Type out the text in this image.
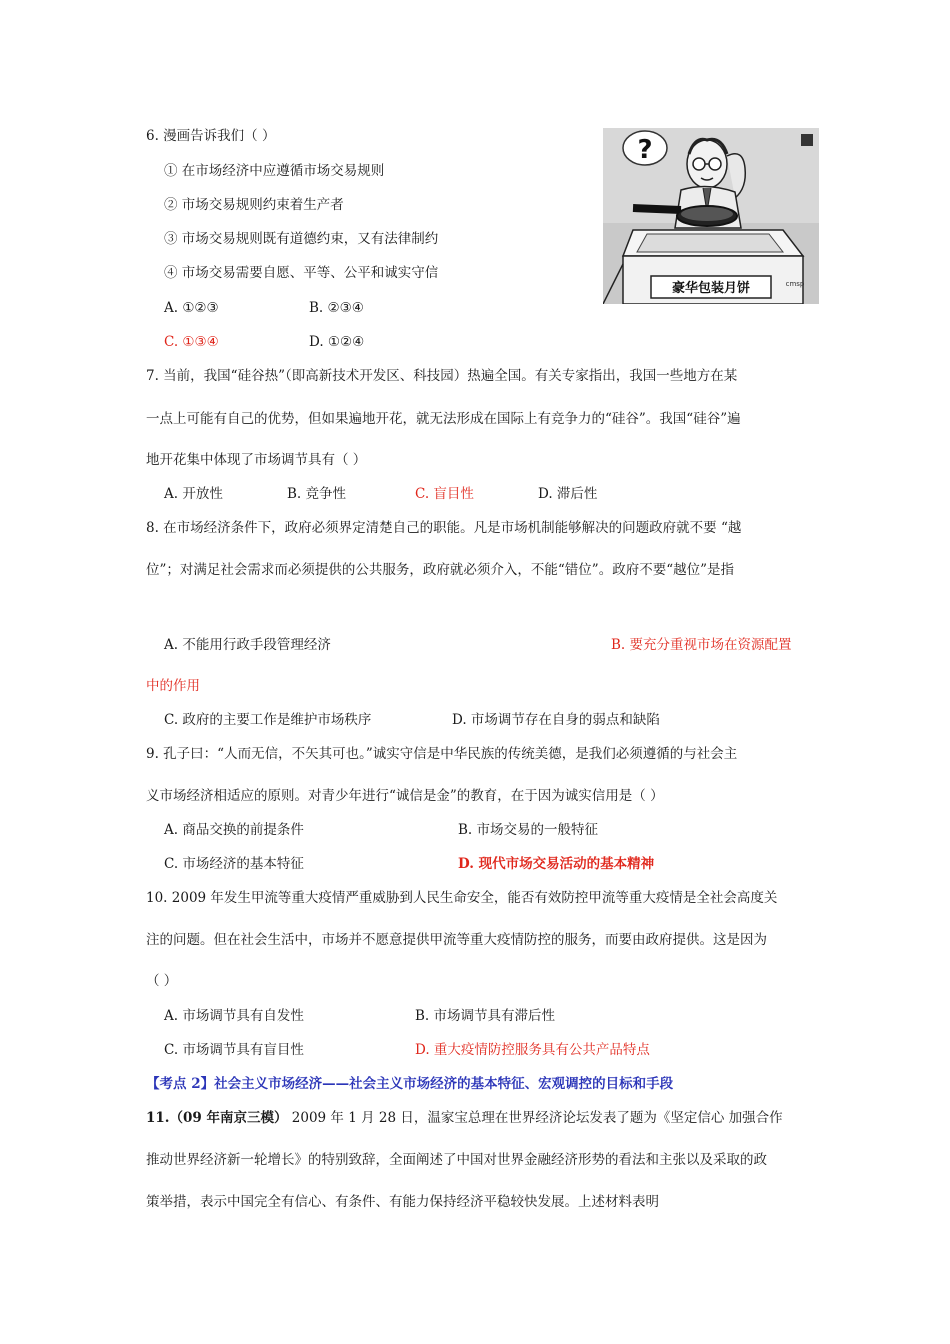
6. 漫画告诉我们（ ）
① 在市场经济中应遵循市场交易规则
② 市场交易规则约束着生产者
③ 市场交易规则既有道德约束，又有法律制约
④ 市场交易需要自愿、平等、公平和诚实守信
A. ①②③	B. ②③④
C. ①③④	D. ①②④
?
豪华包装月饼	cmsp
7. 当前，我国“硅谷热”（即高新技术开发区、科技园）热遍全国。有关专家指出，我国一些地方在某
一点上可能有自己的优势，但如果遍地开花，就无法形成在国际上有竞争力的“硅谷”。我国“硅谷”遍
地开花集中体现了市场调节具有（ ）
A. 开放性	B. 竞争性	C. 盲目性	D. 滞后性
8. 在市场经济条件下，政府必须界定清楚自己的职能。凡是市场机制能够解决的问题政府就不要 “越
位”；对满足社会需求而必须提供的公共服务，政府就必须介入，不能“错位”。政府不要“越位”是指
A. 不能用行政手段管理经济	B. 要充分重视市场在资源配置
中的作用
C. 政府的主要工作是维护市场秩序	D. 市场调节存在自身的弱点和缺陷
9. 孔子曰：“人而无信，不矢其可也。”诚实守信是中华民族的传统美德，是我们必须遵循的与社会主
义市场经济相适应的原则。对青少年进行“诚信是金”的教育，在于因为诚实信用是（ ）
A. 商品交换的前提条件	B. 市场交易的一般特征
C. 市场经济的基本特征	D. 现代市场交易活动的基本精神
10. 2009 年发生甲流等重大疫情严重威胁到人民生命安全，能否有效防控甲流等重大疫情是全社会高度关
注的问题。但在社会生活中，市场并不愿意提供甲流等重大疫情防控的服务，而要由政府提供。这是因为
（ ）
A. 市场调节具有自发性	B. 市场调节具有滞后性
C. 市场调节具有盲目性	D. 重大疫情防控服务具有公共产品特点
【考点 2】社会主义市场经济——社会主义市场经济的基本特征、宏观调控的目标和手段
11.（09 年南京三模） 2009 年 1 月 28 日，温家宝总理在世界经济论坛发表了题为《坚定信心 加强合作
推动世界经济新一轮增长》的特别致辞，全面阐述了中国对世界金融经济形势的看法和主张以及采取的政
策举措，表示中国完全有信心、有条件、有能力保持经济平稳较快发展。上述材料表明
